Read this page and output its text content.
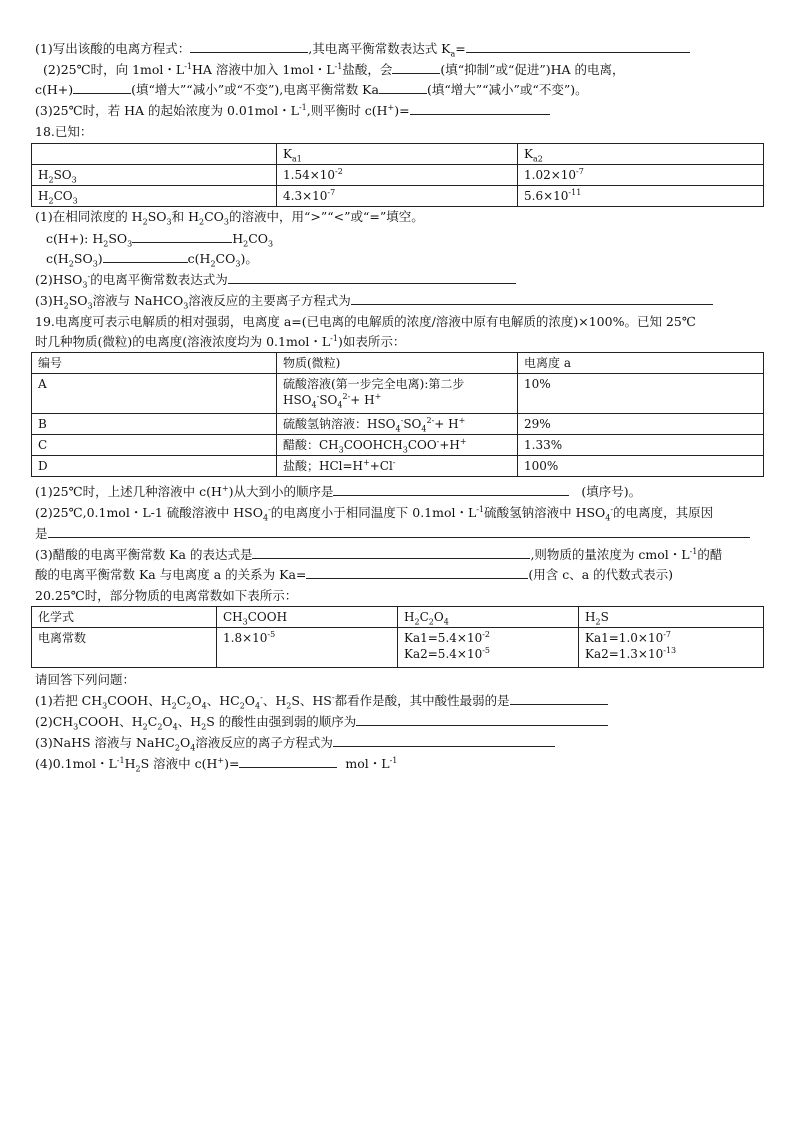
(1)写出该酸的电离方程式：	,其电离平衡常数表达式 $K_a=$
(2)25℃时，向 1mol・$L^{-1}HA$ 溶液中加入 1mol・$L^{-1}$盐酸，会	(填“抑制”或“促进”)HA 的电离，
c(H+)	(填“增大”“减小”或“不变”),电离平衡常数 Ka	(填“增大”“减小”或“不变”)。
(3)25℃时，若 HA 的起始浓度为 0.01mol・$L^{-1}$,则平衡时 c(H+)=
18.已知：
	$K_{a1}$	$K_{a2}$
$H_2SO_3$	$1.54\times 10^{-2}$	$1.02\times 10^{-7}$
$H_2CO_3$	$4.3\times 10^{-7}$	$5.6\times 10^{-11}$
(1)在相同浓度的 $H_2SO_3$和 $H_2CO_3$的溶液中，用“>”“<”或“=”填空。
c(H+): $H_2SO_3$	$H_2CO_3$
$c(H_2SO_3)$	$c(H_2CO_3)$。
$(2)HSO_3^-$的电离平衡常数表达式为
$(3)H_2SO_3$溶液与 NaHCO$_3$溶液反应的主要离子方程式为
19.电离度可表示电解质的相对强弱，电离度 a=(已电离的电解质的浓度/溶液中原有电解质的浓度)×100%。已知 25℃
时几种物质(微粒)的电离度(溶液浓度均为 0.1mol・$L^{-1}$)如表所示：
编号	物质(微粒)	电离度 a
A	硫酸溶液(第一步完全电离):第二步
$HSO_4^-SO_4^{2-}+ H^+$	10%
B	硫酸氢钠溶液：$HSO_4^-SO_4^{2-}+ H^+$	29%
C	醋酸：$CH_3COOHCH_3COO^-+H^+$	1.33%
D	盐酸；HCl=H++Cl-	100%
(1)25℃时，上述几种溶液中 c(H+)从大到小的顺序是	(填序号)。
(2)25℃,0.1mol・L-1 硫酸溶液中 $HSO_4^-$的电离度小于相同温度下 0.1mol・$L^{-1}$硫酸氢钠溶液中 $HSO_4^-$的电离度，其原因
是
(3)醋酸的电离平衡常数 Ka 的表达式是	,则物质的量浓度为 cmol・$L^{-1}$的醋
酸的电离平衡常数 Ka 与电离度 a 的关系为 Ka=	(用含 c、a 的代数式表示)
20.25℃时，部分物质的电离常数如下表所示：
化学式	$CH_3COOH$	$H_2C_2O_4$	$H_2S$
电离常数	$1.8\times 10^{-5}$	$Ka1=5.4\times 10^{-2}$
$Ka2=5.4\times 10^{-5}$	$Ka1=1.0\times 10^{-7}$
$Ka2=1.3\times 10^{-13}$
请回答下列问题：
(1)若把 $CH_3COOH$、$H_2C_2O_4$、$HC_2O_4^-$、$H_2S$、HS-都看作是酸，其中酸性最弱的是
$(2)CH_3COOH$、$H_2C_2O_4$、$H_2S$ 的酸性由强到弱的顺序为
(3)NaHS 溶液与 $NaHC_2O_4$溶液反应的离子方程式为
(4)0.1mol・$L^{-1}H_2S$ 溶液中 c(H+)=	mol・$L^{-1}$
